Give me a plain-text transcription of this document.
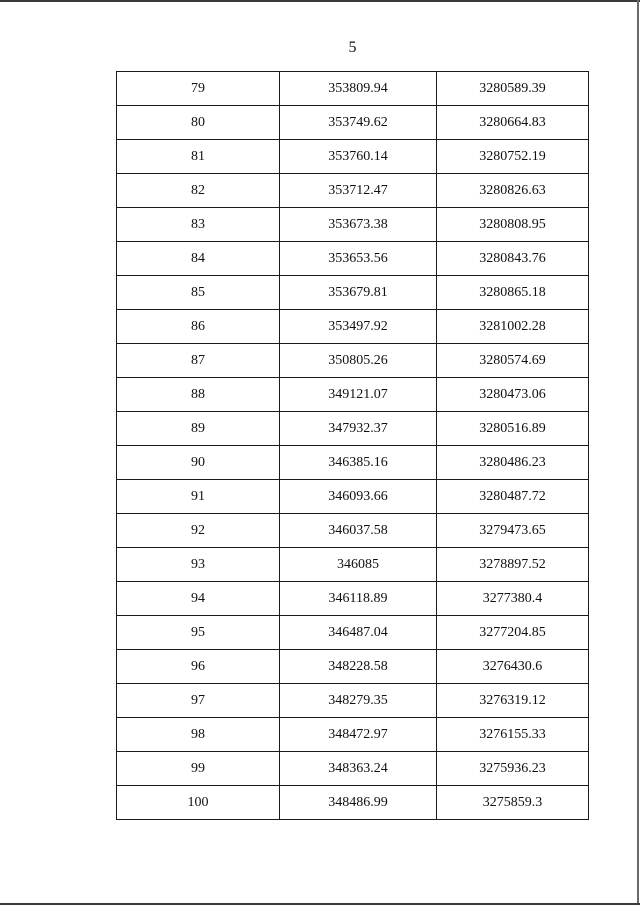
5
79	353809.94	3280589.39
80	353749.62	3280664.83
81	353760.14	3280752.19
82	353712.47	3280826.63
83	353673.38	3280808.95
84	353653.56	3280843.76
85	353679.81	3280865.18
86	353497.92	3281002.28
87	350805.26	3280574.69
88	349121.07	3280473.06
89	347932.37	3280516.89
90	346385.16	3280486.23
91	346093.66	3280487.72
92	346037.58	3279473.65
93	346085	3278897.52
94	346118.89	3277380.4
95	346487.04	3277204.85
96	348228.58	3276430.6
97	348279.35	3276319.12
98	348472.97	3276155.33
99	348363.24	3275936.23
100	348486.99	3275859.3
